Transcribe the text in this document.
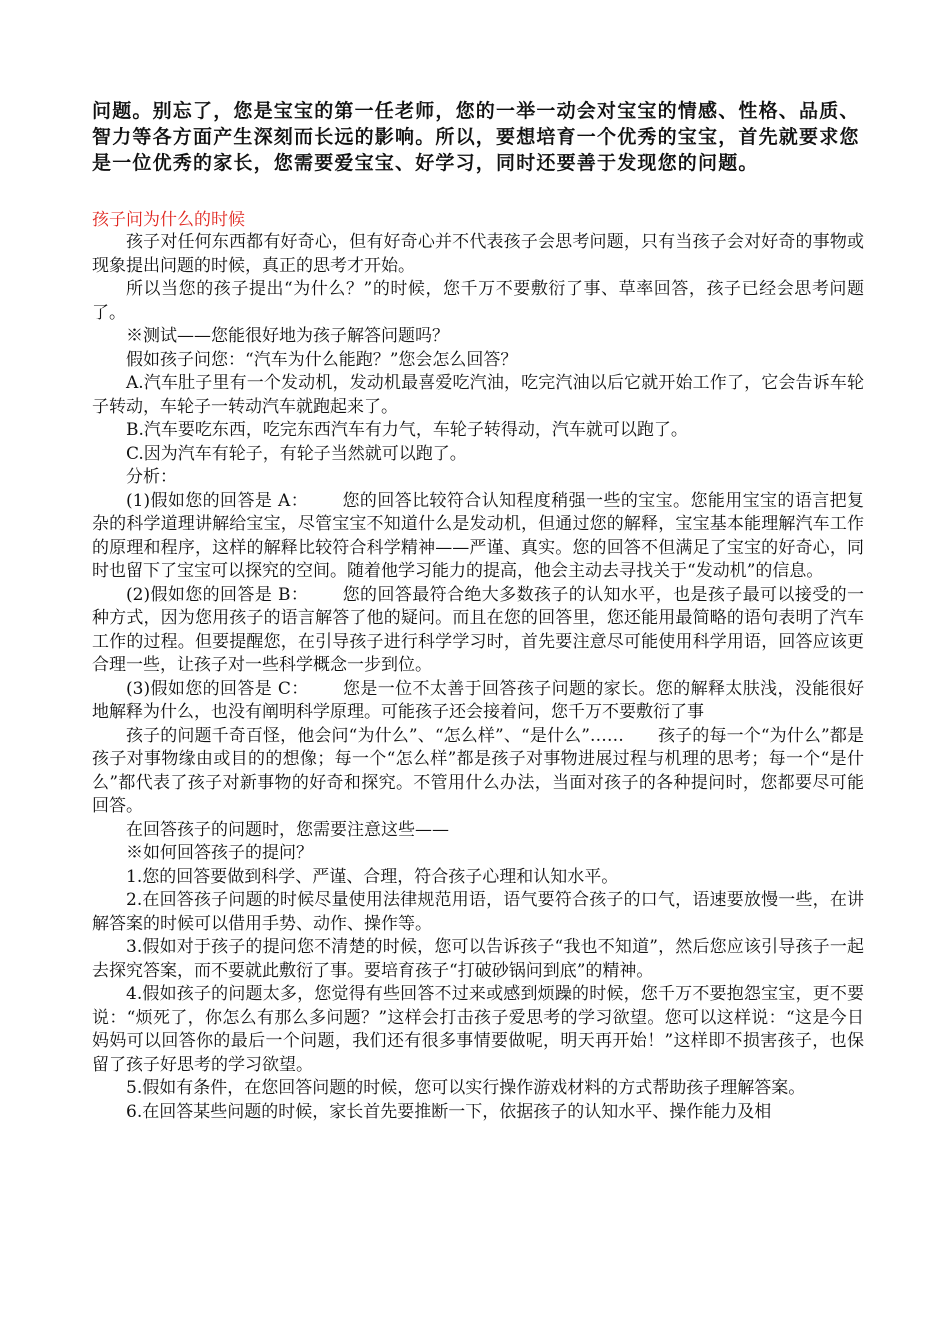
问题。别忘了，您是宝宝的第一任老师，您的一举一动会对宝宝的情感、性格、品质、智力等各方面产生深刻而长远的影响。所以，要想培育一个优秀的宝宝，首先就要求您是一位优秀的家长，您需要爱宝宝、好学习，同时还要善于发现您的问题。

孩子问为什么的时候

孩子对任何东西都有好奇心，但有好奇心并不代表孩子会思考问题，只有当孩子会对好奇的事物或现象提出问题的时候，真正的思考才开始。

所以当您的孩子提出“为什么？”的时候，您千万不要敷衍了事、草率回答，孩子已经会思考问题了。

※测试——您能很好地为孩子解答问题吗？

假如孩子问您：“汽车为什么能跑？”您会怎么回答？

A.汽车肚子里有一个发动机，发动机最喜爱吃汽油，吃完汽油以后它就开始工作了，它会告诉车轮子转动，车轮子一转动汽车就跑起来了。

B.汽车要吃东西，吃完东西汽车有力气，车轮子转得动，汽车就可以跑了。

C.因为汽车有轮子，有轮子当然就可以跑了。

分析：

(1)假如您的回答是 A： 您的回答比较符合认知程度稍强一些的宝宝。您能用宝宝的语言把复杂的科学道理讲解给宝宝，尽管宝宝不知道什么是发动机，但通过您的解释，宝宝基本能理解汽车工作的原理和程序，这样的解释比较符合科学精神——严谨、真实。您的回答不但满足了宝宝的好奇心，同时也留下了宝宝可以探究的空间。随着他学习能力的提高，他会主动去寻找关于“发动机”的信息。

(2)假如您的回答是 B： 您的回答最符合绝大多数孩子的认知水平，也是孩子最可以接受的一种方式，因为您用孩子的语言解答了他的疑问。而且在您的回答里，您还能用最简略的语句表明了汽车工作的过程。但要提醒您，在引导孩子进行科学学习时，首先要注意尽可能使用科学用语，回答应该更合理一些，让孩子对一些科学概念一步到位。

(3)假如您的回答是 C： 您是一位不太善于回答孩子问题的家长。您的解释太肤浅，没能很好地解释为什么，也没有阐明科学原理。可能孩子还会接着问，您千万不要敷衍了事

孩子的问题千奇百怪，他会问“为什么”、“怎么样”、“是什么”…… 孩子的每一个“为什么”都是孩子对事物缘由或目的的想像；每一个“怎么样”都是孩子对事物进展过程与机理的思考；每一个“是什么”都代表了孩子对新事物的好奇和探究。不管用什么办法，当面对孩子的各种提问时，您都要尽可能回答。

在回答孩子的问题时，您需要注意这些——

※如何回答孩子的提问？

1.您的回答要做到科学、严谨、合理，符合孩子心理和认知水平。

2.在回答孩子问题的时候尽量使用法律规范用语，语气要符合孩子的口气，语速要放慢一些，在讲解答案的时候可以借用手势、动作、操作等。

3.假如对于孩子的提问您不清楚的时候，您可以告诉孩子“我也不知道”，然后您应该引导孩子一起去探究答案，而不要就此敷衍了事。要培育孩子“打破砂锅问到底”的精神。

4.假如孩子的问题太多，您觉得有些回答不过来或感到烦躁的时候，您千万不要抱怨宝宝，更不要说：“烦死了，你怎么有那么多问题？”这样会打击孩子爱思考的学习欲望。您可以这样说：“这是今日妈妈可以回答你的最后一个问题，我们还有很多事情要做呢，明天再开始！”这样即不损害孩子，也保留了孩子好思考的学习欲望。

5.假如有条件，在您回答问题的时候，您可以实行操作游戏材料的方式帮助孩子理解答案。

6.在回答某些问题的时候，家长首先要推断一下，依据孩子的认知水平、操作能力及相
